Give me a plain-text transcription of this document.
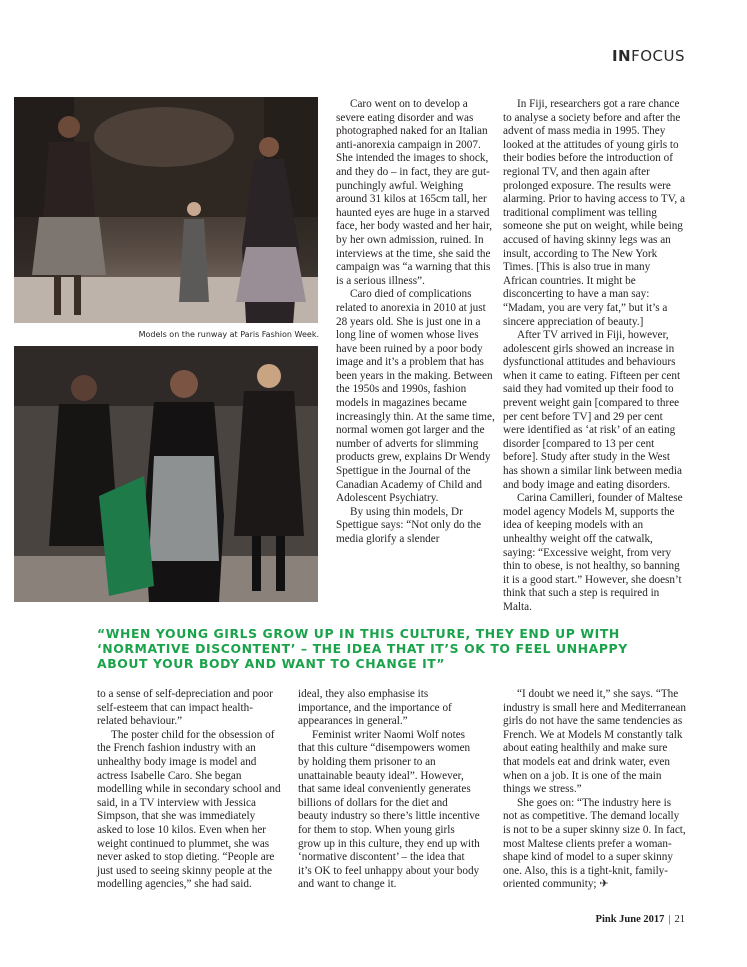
INFOCUS
Models on the runway at Paris Fashion Week.

Caro went on to develop a severe eating disorder and was photographed naked for an Italian anti-anorexia campaign in 2007. She intended the images to shock, and they do – in fact, they are gut-punchingly awful. Weighing around 31 kilos at 165cm tall, her haunted eyes are huge in a starved face, her body wasted and her hair, by her own admission, ruined. In interviews at the time, she said the campaign was “a warning that this is a serious illness”.

Caro died of complications related to anorexia in 2010 at just 28 years old. She is just one in a long line of women whose lives have been ruined by a poor body image and it’s a problem that has been years in the making. Between the 1950s and 1990s, fashion models in magazines became increasingly thin. At the same time, normal women got larger and the number of adverts for slimming products grew, explains Dr Wendy Spettigue in the Journal of the Canadian Academy of Child and Adolescent Psychiatry.

By using thin models, Dr Spettigue says: “Not only do the media glorify a slender

In Fiji, researchers got a rare chance to analyse a society before and after the advent of mass media in 1995. They looked at the attitudes of young girls to their bodies before the introduction of regional TV, and then again after prolonged exposure. The results were alarming. Prior to having access to TV, a traditional compliment was telling someone she put on weight, while being accused of having skinny legs was an insult, according to The New York Times. [This is also true in many African countries. It might be disconcerting to have a man say: “Madam, you are very fat,” but it’s a sincere appreciation of beauty.]

After TV arrived in Fiji, however, adolescent girls showed an increase in dysfunctional attitudes and behaviours when it came to eating. Fifteen per cent said they had vomited up their food to prevent weight gain [compared to three per cent before TV] and 29 per cent were identified as ‘at risk’ of an eating disorder [compared to 13 per cent before]. Study after study in the West has shown a similar link between media and body image and eating disorders.

Carina Camilleri, founder of Maltese model agency Models M, supports the idea of keeping models with an unhealthy weight off the catwalk, saying: “Excessive weight, from very thin to obese, is not healthy, so banning it is a good start.” However, she doesn’t think that such a step is required in Malta.

“WHEN YOUNG GIRLS GROW UP IN THIS CULTURE, THEY END UP WITH ‘NORMATIVE DISCONTENT’ – THE IDEA THAT IT’S OK TO FEEL UNHAPPY ABOUT YOUR BODY AND WANT TO CHANGE IT”

to a sense of self-depreciation and poor self-esteem that can impact health-related behaviour.”

The poster child for the obsession of the French fashion industry with an unhealthy body image is model and actress Isabelle Caro. She began modelling while in secondary school and said, in a TV interview with Jessica Simpson, that she was immediately asked to lose 10 kilos. Even when her weight continued to plummet, she was never asked to stop dieting. “People are just used to seeing skinny people at the modelling agencies,” she had said.

ideal, they also emphasise its importance, and the importance of appearances in general.”

Feminist writer Naomi Wolf notes that this culture “disempowers women by holding them prisoner to an unattainable beauty ideal”. However, that same ideal conveniently generates billions of dollars for the diet and beauty industry so there’s little incentive for them to stop. When young girls grow up in this culture, they end up with ‘normative discontent’ – the idea that it’s OK to feel unhappy about your body and want to change it.

“I doubt we need it,” she says. “The industry is small here and Mediterranean girls do not have the same tendencies as French. We at Models M constantly talk about eating healthily and make sure that models eat and drink water, even when on a job. It is one of the main things we stress.”

She goes on: “The industry here is not as competitive. The demand locally is not to be a super skinny size 0. In fact, most Maltese clients prefer a woman-shape kind of model to a super skinny one. Also, this is a tight-knit, family-oriented community; ✈

Pink June 2017 | 21
